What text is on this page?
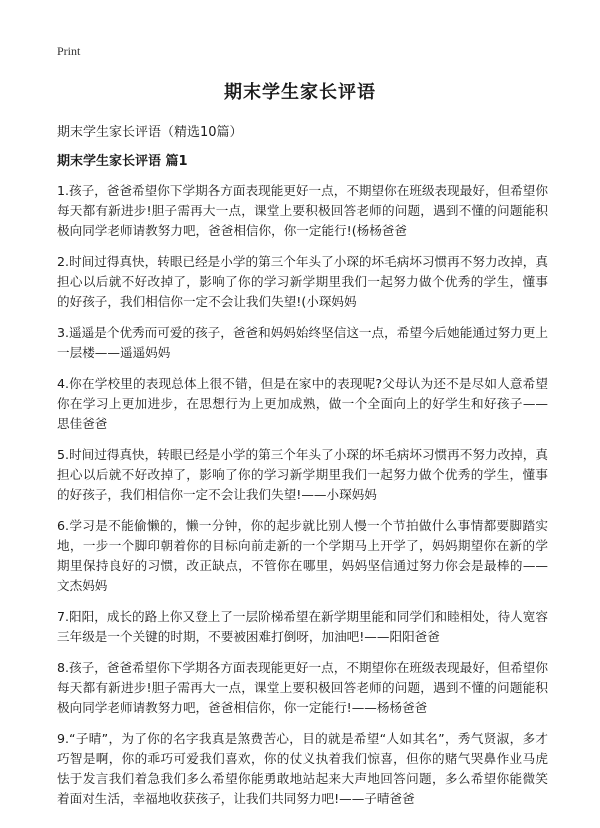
Print
期末学生家长评语
期末学生家长评语（精选10篇）
期末学生家长评语 篇1

1.孩子，爸爸希望你下学期各方面表现能更好一点，不期望你在班级表现最好，但希望你每天都有新进步!胆子需再大一点，课堂上要积极回答老师的问题，遇到不懂的问题能积极向同学老师请教努力吧，爸爸相信你，你一定能行!(杨杨爸爸

2.时间过得真快，转眼已经是小学的第三个年头了小琛的坏毛病坏习惯再不努力改掉，真担心以后就不好改掉了，影响了你的学习新学期里我们一起努力做个优秀的学生，懂事的好孩子，我们相信你一定不会让我们失望!(小琛妈妈

3.遥遥是个优秀而可爱的孩子，爸爸和妈妈始终坚信这一点，希望今后她能通过努力更上一层楼——遥遥妈妈

4.你在学校里的表现总体上很不错，但是在家中的表现呢?父母认为还不是尽如人意希望你在学习上更加进步，在思想行为上更加成熟，做一个全面向上的好学生和好孩子——思佳爸爸

5.时间过得真快，转眼已经是小学的第三个年头了小琛的坏毛病坏习惯再不努力改掉，真担心以后就不好改掉了，影响了你的学习新学期里我们一起努力做个优秀的学生，懂事的好孩子，我们相信你一定不会让我们失望!——小琛妈妈

6.学习是不能偷懒的，懒一分钟，你的起步就比别人慢一个节拍做什么事情都要脚踏实地，一步一个脚印朝着你的目标向前走新的一个学期马上开学了，妈妈期望你在新的学期里保持良好的习惯，改正缺点，不管你在哪里，妈妈坚信通过努力你会是最棒的——文杰妈妈

7.阳阳，成长的路上你又登上了一层阶梯希望在新学期里能和同学们和睦相处，待人宽容三年级是一个关键的时期，不要被困难打倒呀，加油吧!——阳阳爸爸

8.孩子，爸爸希望你下学期各方面表现能更好一点，不期望你在班级表现最好，但希望你每天都有新进步!胆子需再大一点，课堂上要积极回答老师的问题，遇到不懂的问题能积极向同学老师请教努力吧，爸爸相信你，你一定能行!——杨杨爸爸

9.“子晴”，为了你的名字我真是煞费苦心，目的就是希望“人如其名”，秀气贤淑，多才巧智是啊，你的乖巧可爱我们喜欢，你的仗义执着我们惊喜，但你的赌气哭鼻作业马虎怯于发言我们着急我们多么希望你能勇敢地站起来大声地回答问题，多么希望你能微笑着面对生活，幸福地收获孩子，让我们共同努力吧!——子晴爸爸
